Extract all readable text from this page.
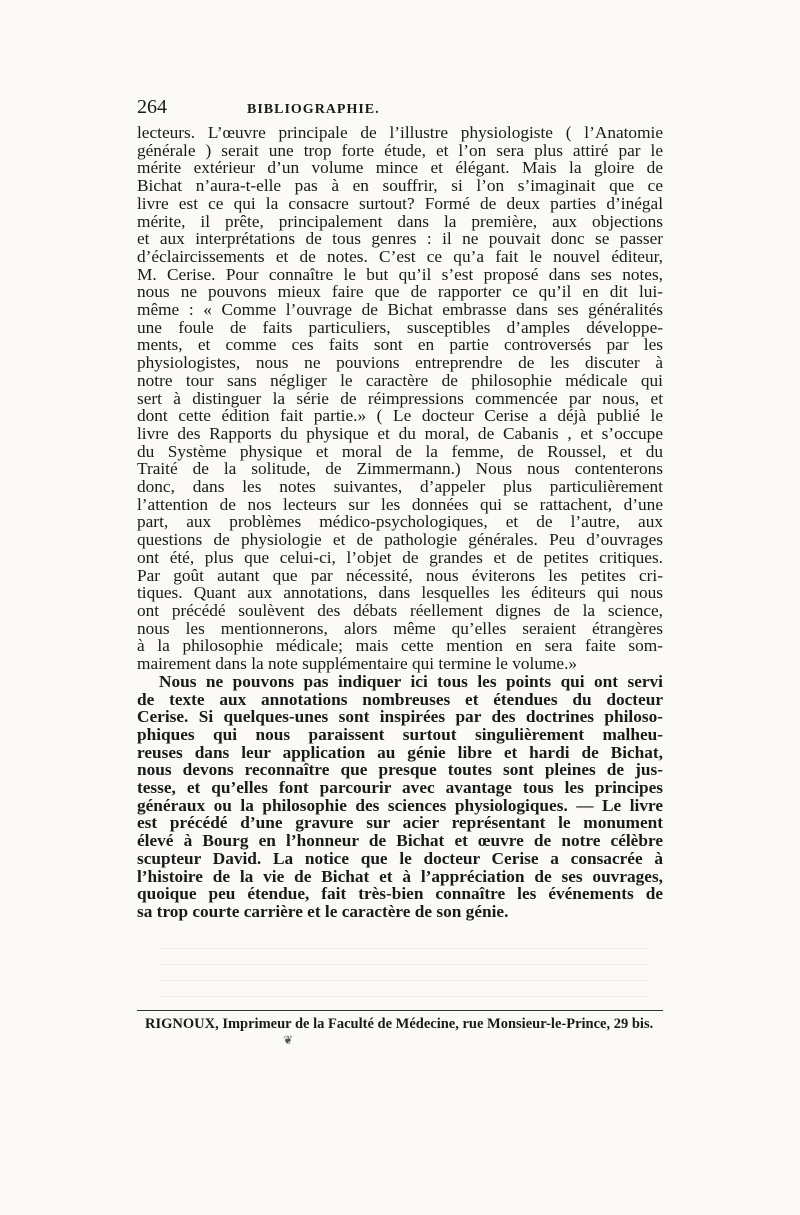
264	BIBLIOGRAPHIE.

lecteurs. L’œuvre principale de l’illustre physiologiste ( l’Anatomie
générale ) serait une trop forte étude, et l’on sera plus attiré par le
mérite extérieur d’un volume mince et élégant. Mais la gloire de
Bichat n’aura-t-elle pas à en souffrir, si l’on s’imaginait que ce
livre est ce qui la consacre surtout? Formé de deux parties d’inégal
mérite, il prête, principalement dans la première, aux objections
et aux interprétations de tous genres : il ne pouvait donc se passer
d’éclaircissements et de notes. C’est ce qu’a fait le nouvel éditeur,
M. Cerise. Pour connaître le but qu’il s’est proposé dans ses notes,
nous ne pouvons mieux faire que de rapporter ce qu’il en dit lui-
même : « Comme l’ouvrage de Bichat embrasse dans ses généralités
une foule de faits particuliers, susceptibles d’amples développe-
ments, et comme ces faits sont en partie controversés par les
physiologistes, nous ne pouvions entreprendre de les discuter à
notre tour sans négliger le caractère de philosophie médicale qui
sert à distinguer la série de réimpressions commencée par nous, et
dont cette édition fait partie.» ( Le docteur Cerise a déjà publié le
livre des Rapports du physique et du moral, de Cabanis , et s’occupe
du Système physique et moral de la femme, de Roussel, et du
Traité de la solitude, de Zimmermann.) Nous nous contenterons
donc, dans les notes suivantes, d’appeler plus particulièrement
l’attention de nos lecteurs sur les données qui se rattachent, d’une
part, aux problèmes médico-psychologiques, et de l’autre, aux
questions de physiologie et de pathologie générales. Peu d’ouvrages
ont été, plus que celui-ci, l’objet de grandes et de petites critiques.
Par goût autant que par nécessité, nous éviterons les petites cri-
tiques. Quant aux annotations, dans lesquelles les éditeurs qui nous
ont précédé soulèvent des débats réellement dignes de la science,
nous les mentionnerons, alors même qu’elles seraient étrangères
à la philosophie médicale; mais cette mention en sera faite som-
mairement dans la note supplémentaire qui termine le volume.»

Nous ne pouvons pas indiquer ici tous les points qui ont servi
de texte aux annotations nombreuses et étendues du docteur
Cerise. Si quelques-unes sont inspirées par des doctrines philoso-
phiques qui nous paraissent surtout singulièrement malheu-
reuses dans leur application au génie libre et hardi de Bichat,
nous devons reconnaître que presque toutes sont pleines de jus-
tesse, et qu’elles font parcourir avec avantage tous les principes
généraux ou la philosophie des sciences physiologiques. — Le livre
est précédé d’une gravure sur acier représentant le monument
élevé à Bourg en l’honneur de Bichat et œuvre de notre célèbre
scupteur David. La notice que le docteur Cerise a consacrée à
l’histoire de la vie de Bichat et à l’appréciation de ses ouvrages,
quoique peu étendue, fait très-bien connaître les événements de
sa trop courte carrière et le caractère de son génie.

RIGNOUX, Imprimeur de la Faculté de Médecine, rue Monsieur-le-Prince, 29 bis.
❦
